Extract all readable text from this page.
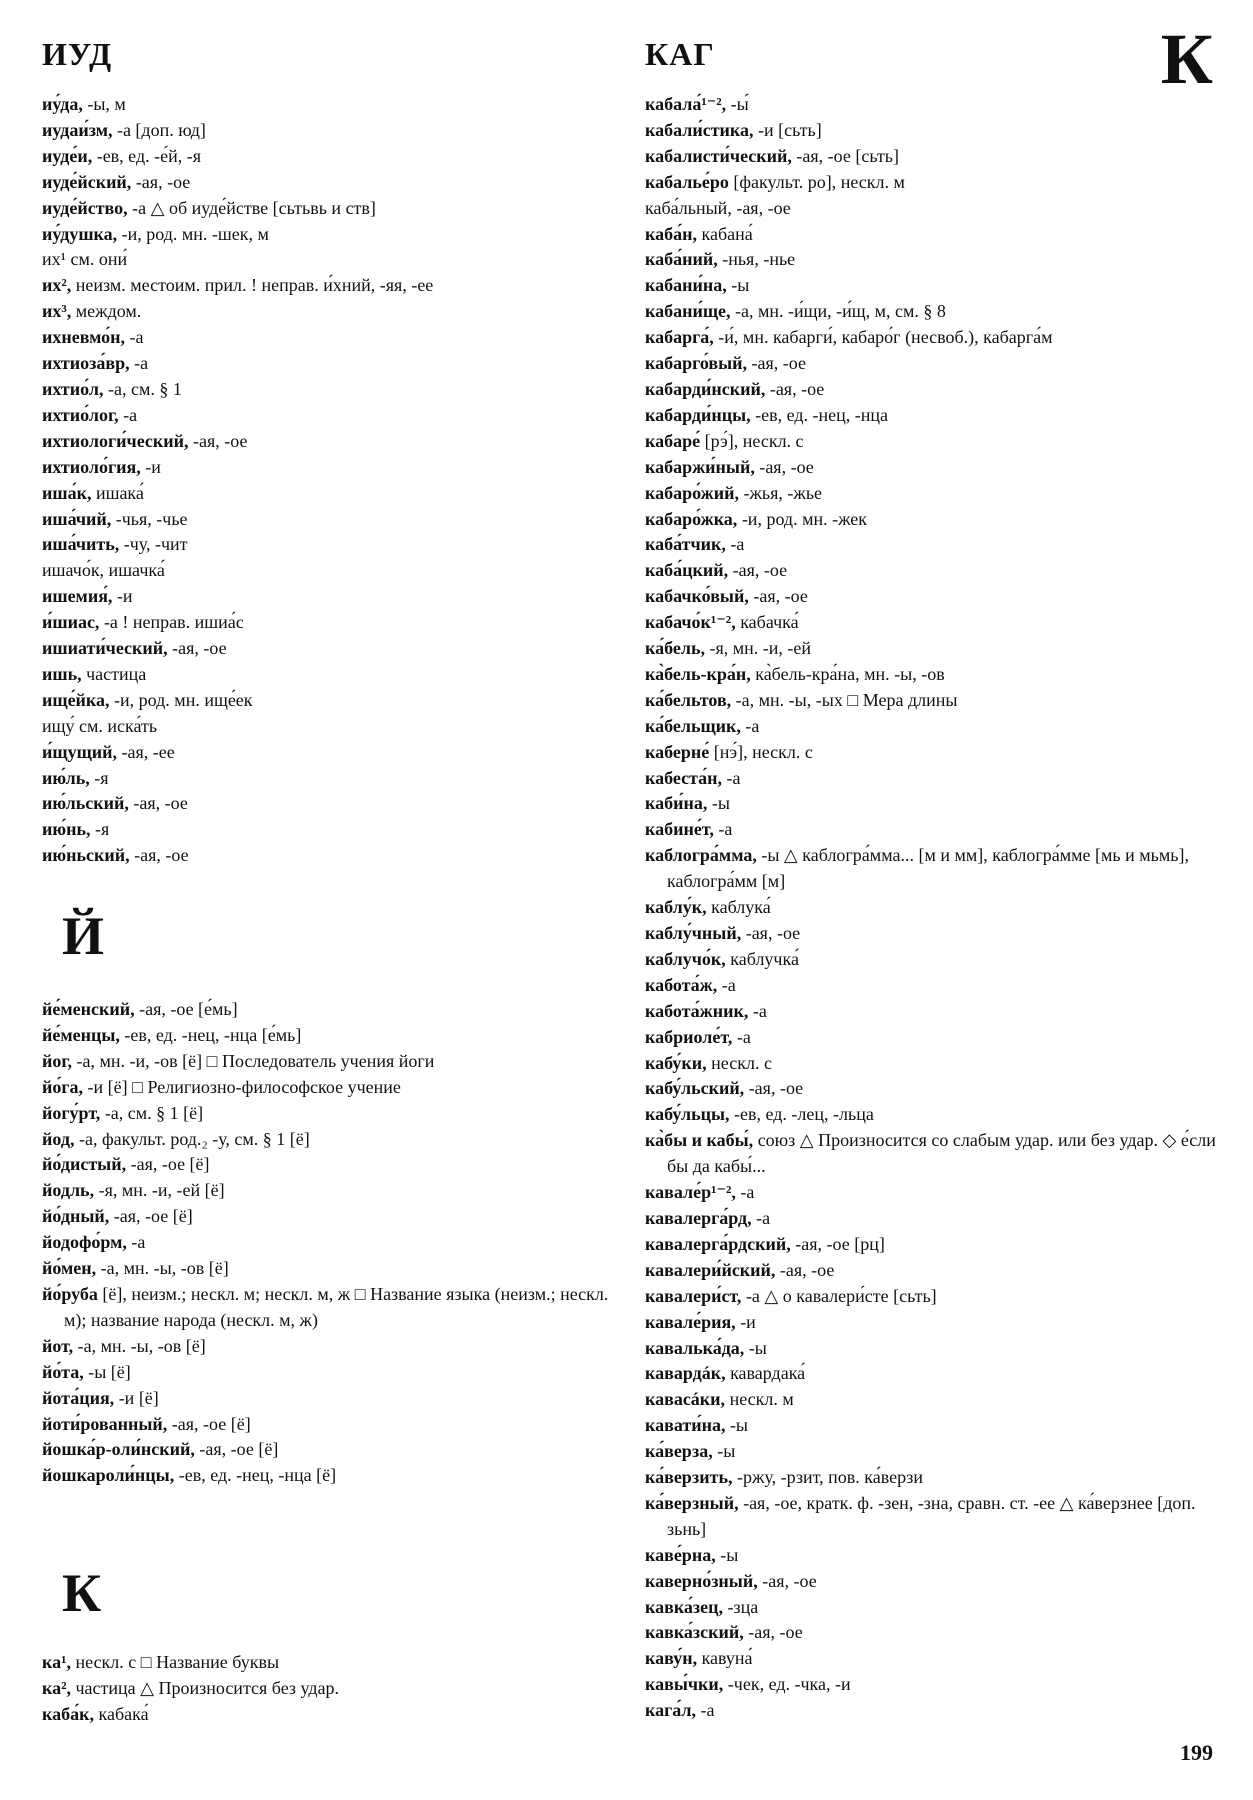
ИУД	КАГ	К
иу́да, -ы, м
иудаи́зм, -а [доп. юд]
иуде́и, -ев, ед. -е́й, -я
иуде́йский, -ая, -ое
иуде́йство, -а △ об иуде́йстве [сьтьвь и ств]
иу́душка, -и, род. мн. -шек, м
их¹ см. они́
их², неизм. местоим. прил. ! неправ. и́хний, -яя, -ее
их³, междом.
ихневмо́н, -а
ихтиоза́вр, -а
ихтио́л, -а, см. § 1
ихтио́лог, -а
ихтиологи́ческий, -ая, -ое
ихтиоло́гия, -и
иша́к, ишака́
иша́чий, -чья, -чье
иша́чить, -чу, -чит
ишачо́к, ишачка́
ишемия́, -и
и́шиас, -а ! неправ. ишиа́с
ишиати́ческий, -ая, -ое
ишь, частица
ище́йка, -и, род. мн. ище́ек
ищу́ см. иска́ть
и́щущий, -ая, -ее
ию́ль, -я
ию́льский, -ая, -ое
ию́нь, -я
ию́ньский, -ая, -ое
Й
йе́менский, -ая, -ое [е́мь]
йе́менцы, -ев, ед. -нец, -нца [е́мь]
йог, -а, мн. -и, -ов [ё] □ Последователь учения йоги
йо́га, -и [ё] □ Религиозно-философское учение
йогу́рт, -а, см. § 1 [ё]
йод, -а, факульт. род.₂ -у, см. § 1 [ё]
йо́дистый, -ая, -ое [ё]
йодль, -я, мн. -и, -ей [ё]
йо́дный, -ая, -ое [ё]
йодофо́рм, -а
йо́мен, -а, мн. -ы, -ов [ё]
йо́руба [ё], неизм.; нескл. м; нескл. м, ж □ Название языка (неизм.; нескл. м); название народа (нескл. м, ж)
йот, -а, мн. -ы, -ов [ё]
йо́та, -ы [ё]
йота́ция, -и [ё]
йоти́рованный, -ая, -ое [ё]
йошка́р-оли́нский, -ая, -ое [ё]
йошкароли́нцы, -ев, ед. -нец, -нца [ё]
К
ка¹, нескл. с □ Название буквы
ка², частица △ Произносится без удар.
каба́к, кабака́
кабала́¹⁻², -ы́
кабали́стика, -и [сьть]
кабалисти́ческий, -ая, -ое [сьть]
кабалье́ро [факульт. ро], нескл. м
каба́льный, -ая, -ое
каба́н, кабана́
каба́ний, -нья, -нье
кабани́на, -ы
кабани́ще, -а, мн. -и́щи, -и́щ, м, см. § 8
кабарга́, -и́, мн. кабарги́, кабаро́г (несвоб.), кабарга́м
кабарго́вый, -ая, -ое
кабарди́нский, -ая, -ое
кабарди́нцы, -ев, ед. -нец, -нца
кабаре́ [рэ́], нескл. с
кабаржи́ный, -ая, -ое
кабаро́жий, -жья, -жье
кабаро́жка, -и, род. мн. -жек
каба́тчик, -а
каба́цкий, -ая, -ое
кабачко́вый, -ая, -ое
кабачо́к¹⁻², кабачка́
ка́бель, -я, мн. -и, -ей
ка̀бель-кра́н, ка̀бель-кра́на, мн. -ы, -ов
ка́бельтов, -а, мн. -ы, -ых □ Мера длины
ка́бельщик, -а
каберне́ [нэ́], нескл. с
кабеста́н, -а
каби́на, -ы
кабине́т, -а
каблогра́мма, -ы △ каблогра́мма... [м и мм], каблогра́мме [мь и мьмь], каблогра́мм [м]
каблу́к, каблука́
каблу́чный, -ая, -ое
каблучо́к, каблучка́
кабота́ж, -а
кабота́жник, -а
кабриоле́т, -а
кабу́ки, нескл. с
кабу́льский, -ая, -ое
кабу́льцы, -ев, ед. -лец, -льца
ка̀бы и кабы́, союз △ Произносится со слабым удар. или без удар. ◇ е́сли бы да кабы́...
кавале́р¹⁻², -а
кавалерга́рд, -а
кавалерга́рдский, -ая, -ое [рц]
кавалери́йский, -ая, -ое
кавалери́ст, -а △ о кавалери́сте [сьть]
кавале́рия, -и
кавалька́да, -ы
кавардáк, кавардака́
кавасáки, нескл. м
кавати́на, -ы
ка́верза, -ы
ка́верзить, -ржу, -рзит, пов. ка́верзи
ка́верзный, -ая, -ое, кратк. ф. -зен, -зна, сравн. ст. -ее △ ка́верзнее [доп. зьнь]
каве́рна, -ы
каверно́зный, -ая, -ое
кавка́зец, -зца
кавка́зский, -ая, -ое
каву́н, кавуна́
кавы́чки, -чек, ед. -чка, -и
кага́л, -а
199
